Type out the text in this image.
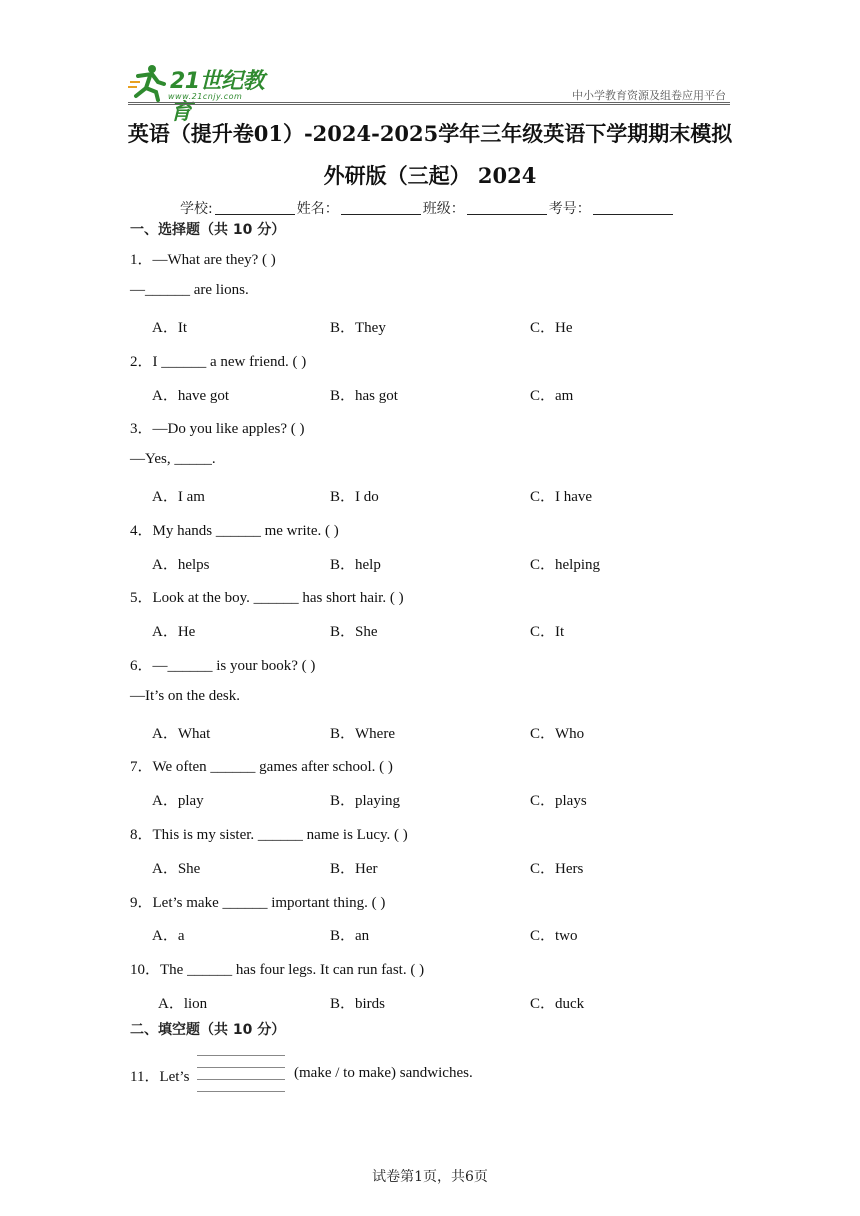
21世纪教育
www.21cnjy.com	中小学教育资源及组卷应用平台
英语（提升卷01）-2024-2025学年三年级英语下学期期末模拟
外研版（三起） 2024
学校:	姓名：	班级：	考号：
一、选择题（共 10 分）
1．—What are they? ( )
—______ are lions.
A．It	B．They	C．He
2．I ______ a new friend. ( )
A．have got	B．has got	C．am
3．—Do you like apples? ( )
—Yes, _____.
A．I am	B．I do	C．I have
4．My hands ______ me write. ( )
A．helps	B．help	C．helping
5．Look at the boy. ______ has short hair. ( )
A．He	B．She	C．It
6．—______ is your book? ( )
—It’s on the desk.
A．What	B．Where	C．Who
7．We often ______ games after school. ( )
A．play	B．playing	C．plays
8．This is my sister. ______ name is Lucy. ( )
A．She	B．Her	C．Hers
9．Let’s make ______ important thing. ( )
A．a	B．an	C．two
10．The ______ has four legs. It can run fast. ( )
A．lion	B．birds	C．duck
二、填空题（共 10 分）
11．Let’s	(make / to make) sandwiches.
试卷第1页，共6页
